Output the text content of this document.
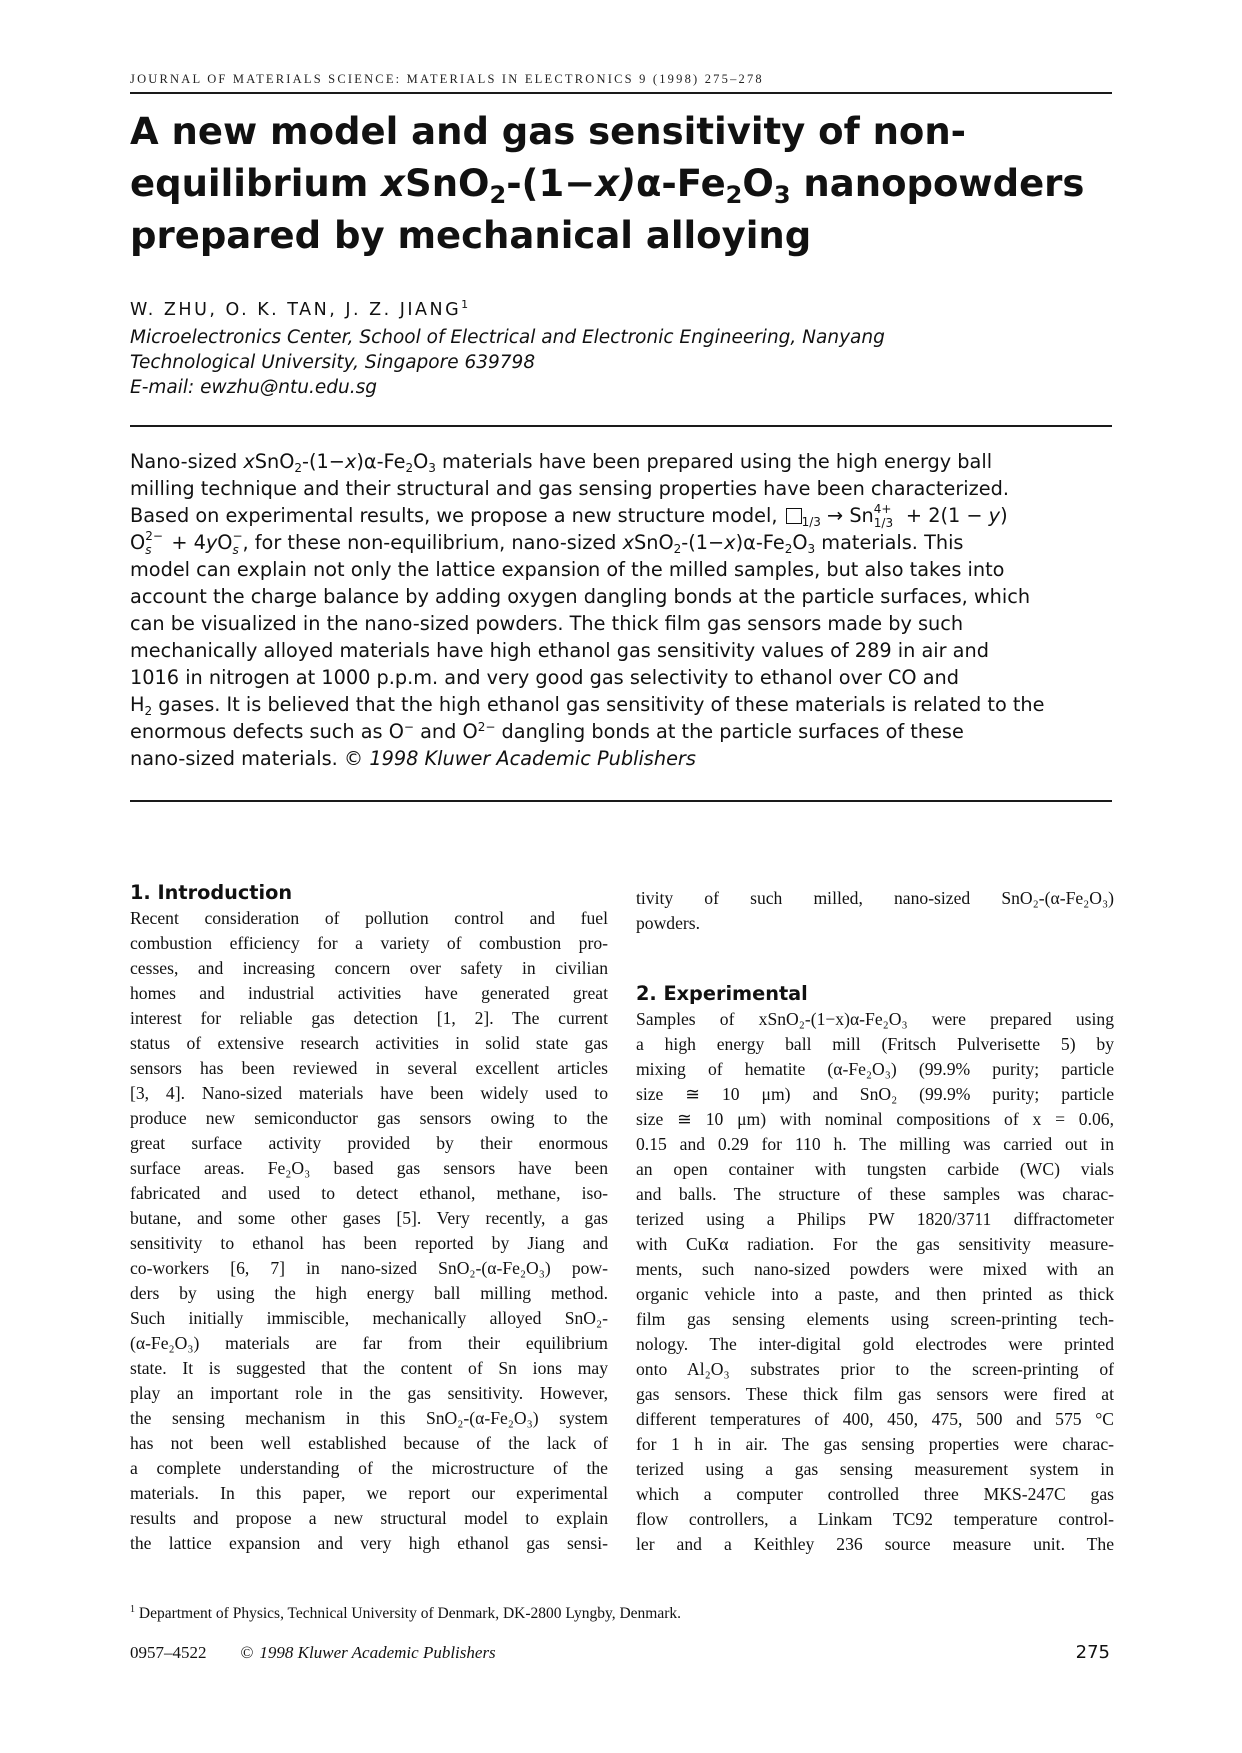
JOURNAL OF MATERIALS SCIENCE: MATERIALS IN ELECTRONICS 9 (1998) 275–278
A new model and gas sensitivity of non-
equilibrium $xSnO_2-(1-x)\alpha-Fe_2O_3$ nanopowders
prepared by mechanical alloying
W. ZHU, O. K. TAN, J. Z. JIANG$^1$
Microelectronics Center, School of Electrical and Electronic Engineering, Nanyang
Technological University, Singapore 639798
E-mail: ewzhu@ntu.edu.sg
Nano-sized $xSnO_2-(1-x)\alpha-Fe_2O_3$ materials have been prepared using the high energy ball
milling technique and their structural and gas sensing properties have been characterized.
Based on experimental results, we propose a new structure model, $_{1/3}$ → Sn 4+
1/3 + 2(1 − y)
O 2−
s + 4yO −
s , for these non-equilibrium, nano-sized $xSnO_2-(1-x)\alpha-Fe_2O_3$ materials. This
model can explain not only the lattice expansion of the milled samples, but also takes into
account the charge balance by adding oxygen dangling bonds at the particle surfaces, which
can be visualized in the nano-sized powders. The thick film gas sensors made by such
mechanically alloyed materials have high ethanol gas sensitivity values of 289 in air and
1016 in nitrogen at 1000 p.p.m. and very good gas selectivity to ethanol over CO and
$H_2$ gases. It is believed that the high ethanol gas sensitivity of these materials is related to the
enormous defects such as O− and $O^{2-}$ dangling bonds at the particle surfaces of these
nano-sized materials. © 1998 Kluwer Academic Publishers
1. Introduction
Recent consideration of pollution control and fuel
combustion efficiency for a variety of combustion pro-
cesses, and increasing concern over safety in civilian
homes and industrial activities have generated great
interest for reliable gas detection [1, 2]. The current
status of extensive research activities in solid state gas
sensors has been reviewed in several excellent articles
[3, 4]. Nano-sized materials have been widely used to
produce new semiconductor gas sensors owing to the
great surface activity provided by their enormous
surface areas. Fe₂O₃ based gas sensors have been
fabricated and used to detect ethanol, methane, iso-
butane, and some other gases [5]. Very recently, a gas
sensitivity to ethanol has been reported by Jiang and
co-workers [6, 7] in nano-sized SnO₂-(α-Fe₂O₃) pow-
ders by using the high energy ball milling method.
Such initially immiscible, mechanically alloyed SnO₂-
(α-Fe₂O₃) materials are far from their equilibrium
state. It is suggested that the content of Sn ions may
play an important role in the gas sensitivity. However,
the sensing mechanism in this SnO₂-(α-Fe₂O₃) system
has not been well established because of the lack of
a complete understanding of the microstructure of the
materials. In this paper, we report our experimental
results and propose a new structural model to explain
the lattice expansion and very high ethanol gas sensi-
tivity of such milled, nano-sized SnO₂-(α-Fe₂O₃)
powders.
2. Experimental
Samples of xSnO₂-(1−x)α-Fe₂O₃ were prepared using
a high energy ball mill (Fritsch Pulverisette 5) by
mixing of hematite (α-Fe₂O₃) (99.9% purity; particle
size ≅ 10 μm) and SnO₂ (99.9% purity; particle
size ≅ 10 μm) with nominal compositions of x = 0.06,
0.15 and 0.29 for 110 h. The milling was carried out in
an open container with tungsten carbide (WC) vials
and balls. The structure of these samples was charac-
terized using a Philips PW 1820/3711 diffractometer
with CuKα radiation. For the gas sensitivity measure-
ments, such nano-sized powders were mixed with an
organic vehicle into a paste, and then printed as thick
film gas sensing elements using screen-printing tech-
nology. The inter-digital gold electrodes were printed
onto Al₂O₃ substrates prior to the screen-printing of
gas sensors. These thick film gas sensors were fired at
different temperatures of 400, 450, 475, 500 and 575 °C
for 1 h in air. The gas sensing properties were charac-
terized using a gas sensing measurement system in
which a computer controlled three MKS-247C gas
flow controllers, a Linkam TC92 temperature control-
ler and a Keithley 236 source measure unit. The
$^1$ Department of Physics, Technical University of Denmark, DK-2800 Lyngby, Denmark.
0957–4522 © 1998 Kluwer Academic Publishers	275
